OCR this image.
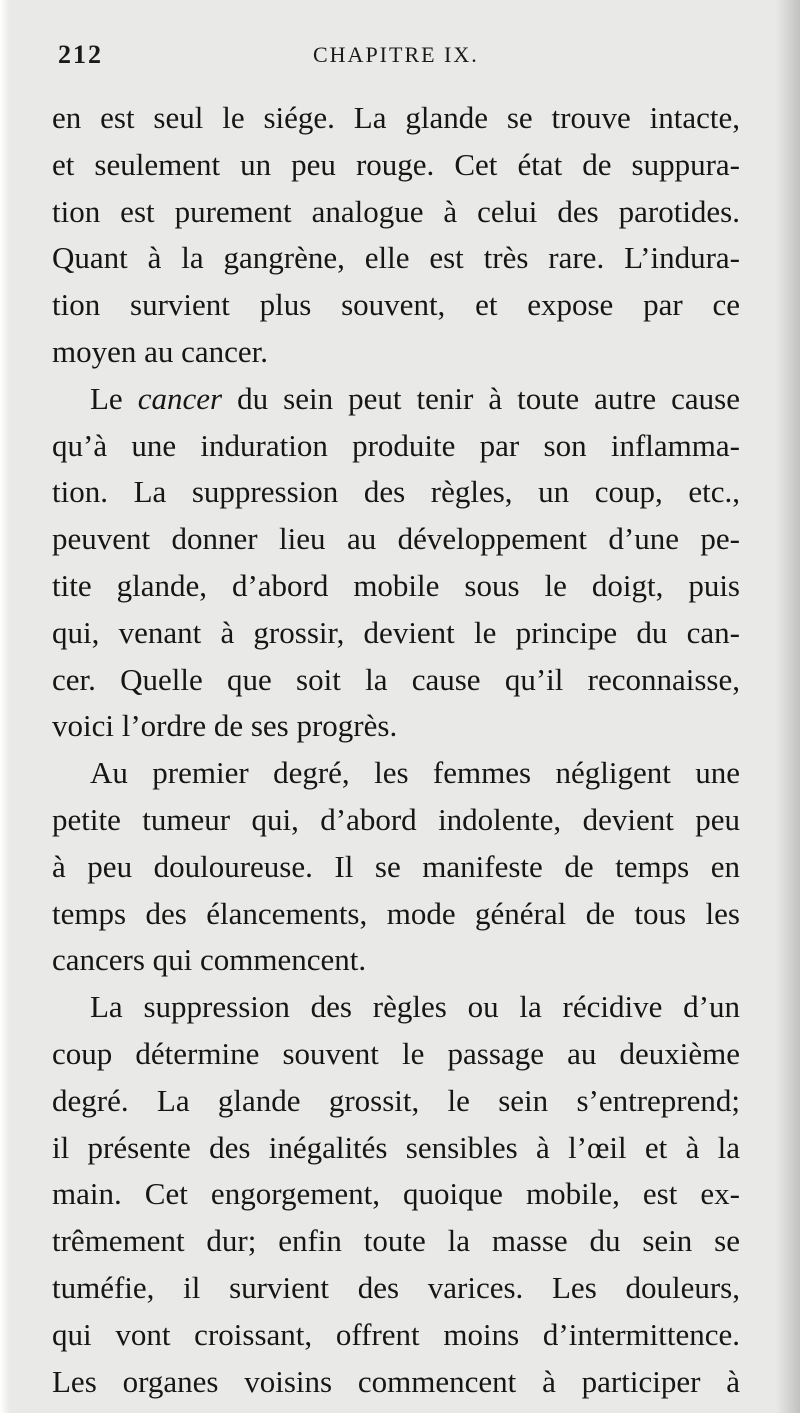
212	CHAPITRE IX.
en est seul le siége. La glande se trouve intacte,
et seulement un peu rouge. Cet état de suppura-
tion est purement analogue à celui des parotides.
Quant à la gangrène, elle est très rare. L’indura-
tion survient plus souvent, et expose par ce
moyen au cancer.
Le cancer du sein peut tenir à toute autre cause
qu’à une induration produite par son inflamma-
tion. La suppression des règles, un coup, etc.,
peuvent donner lieu au développement d’une pe-
tite glande, d’abord mobile sous le doigt, puis
qui, venant à grossir, devient le principe du can-
cer. Quelle que soit la cause qu’il reconnaisse,
voici l’ordre de ses progrès.
Au premier degré, les femmes négligent une
petite tumeur qui, d’abord indolente, devient peu
à peu douloureuse. Il se manifeste de temps en
temps des élancements, mode général de tous les
cancers qui commencent.
La suppression des règles ou la récidive d’un
coup détermine souvent le passage au deuxième
degré. La glande grossit, le sein s’entreprend;
il présente des inégalités sensibles à l’œil et à la
main. Cet engorgement, quoique mobile, est ex-
trêmement dur; enfin toute la masse du sein se
tuméfie, il survient des varices. Les douleurs,
qui vont croissant, offrent moins d’intermittence.
Les organes voisins commencent à participer à
